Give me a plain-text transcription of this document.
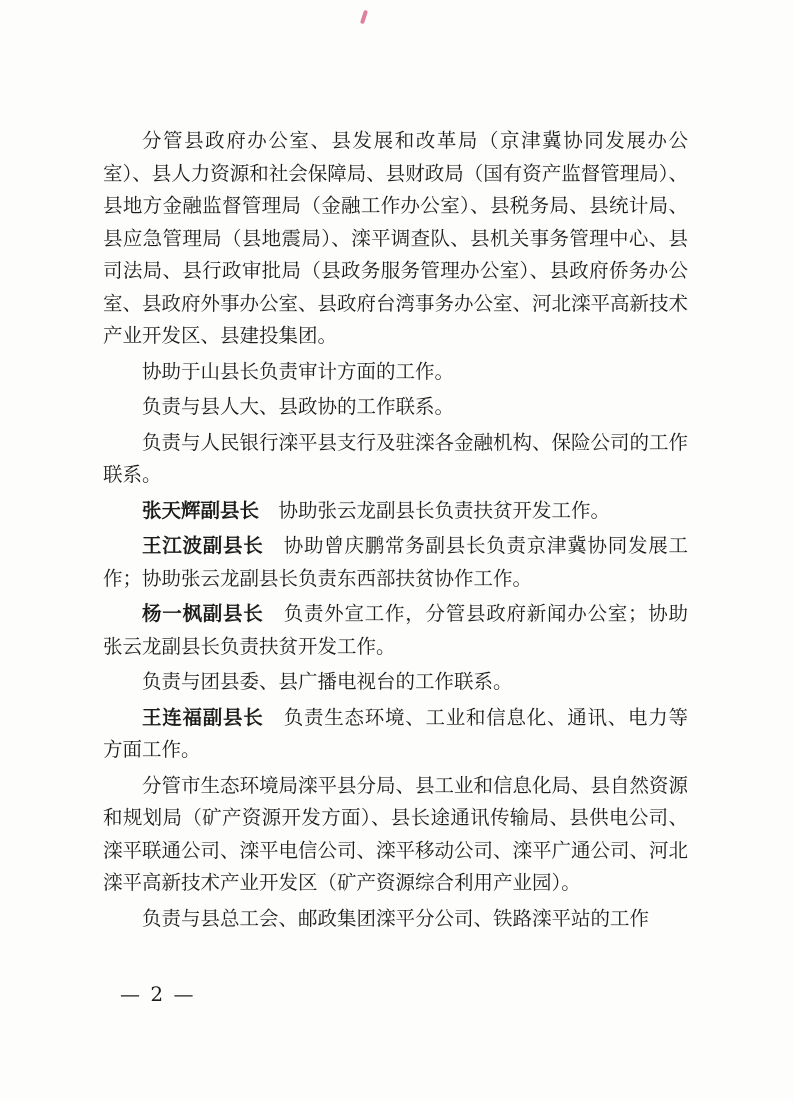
分管县政府办公室、县发展和改革局（京津冀协同发展办公室）、县人力资源和社会保障局、县财政局（国有资产监督管理局）、县地方金融监督管理局（金融工作办公室）、县税务局、县统计局、县应急管理局（县地震局）、滦平调查队、县机关事务管理中心、县司法局、县行政审批局（县政务服务管理办公室）、县政府侨务办公室、县政府外事办公室、县政府台湾事务办公室、河北滦平高新技术产业开发区、县建投集团。

协助于山县长负责审计方面的工作。

负责与县人大、县政协的工作联系。

负责与人民银行滦平县支行及驻滦各金融机构、保险公司的工作联系。

张天辉副县长 协助张云龙副县长负责扶贫开发工作。

王江波副县长 协助曾庆鹏常务副县长负责京津冀协同发展工作；协助张云龙副县长负责东西部扶贫协作工作。

杨一枫副县长 负责外宣工作，分管县政府新闻办公室；协助张云龙副县长负责扶贫开发工作。

负责与团县委、县广播电视台的工作联系。

王连福副县长 负责生态环境、工业和信息化、通讯、电力等方面工作。

分管市生态环境局滦平县分局、县工业和信息化局、县自然资源和规划局（矿产资源开发方面）、县长途通讯传输局、县供电公司、滦平联通公司、滦平电信公司、滦平移动公司、滦平广通公司、河北滦平高新技术产业开发区（矿产资源综合利用产业园）。

负责与县总工会、邮政集团滦平分公司、铁路滦平站的工作

— 2 —
